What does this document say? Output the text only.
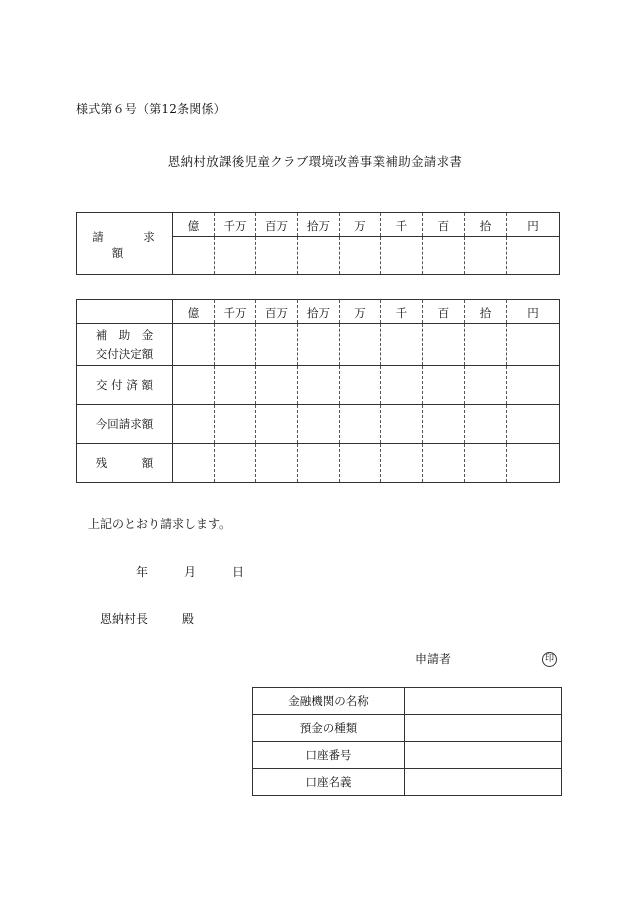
様式第６号（第12条関係）
恩納村放課後児童クラブ環境改善事業補助金請求書
請　求　額	億	千万	百万	拾万	万	千	百	拾	円

	億	千万	百万	拾万	万	千	百	拾	円

補　助　金
交付決定額									

交 付 済 額									
今回請求額									
残　　　額									
上記のとおり請求します。
年	月	日
恩納村長	殿
申請者	印
金融機関の名称	
預金の種類	
口座番号	
口座名義	
